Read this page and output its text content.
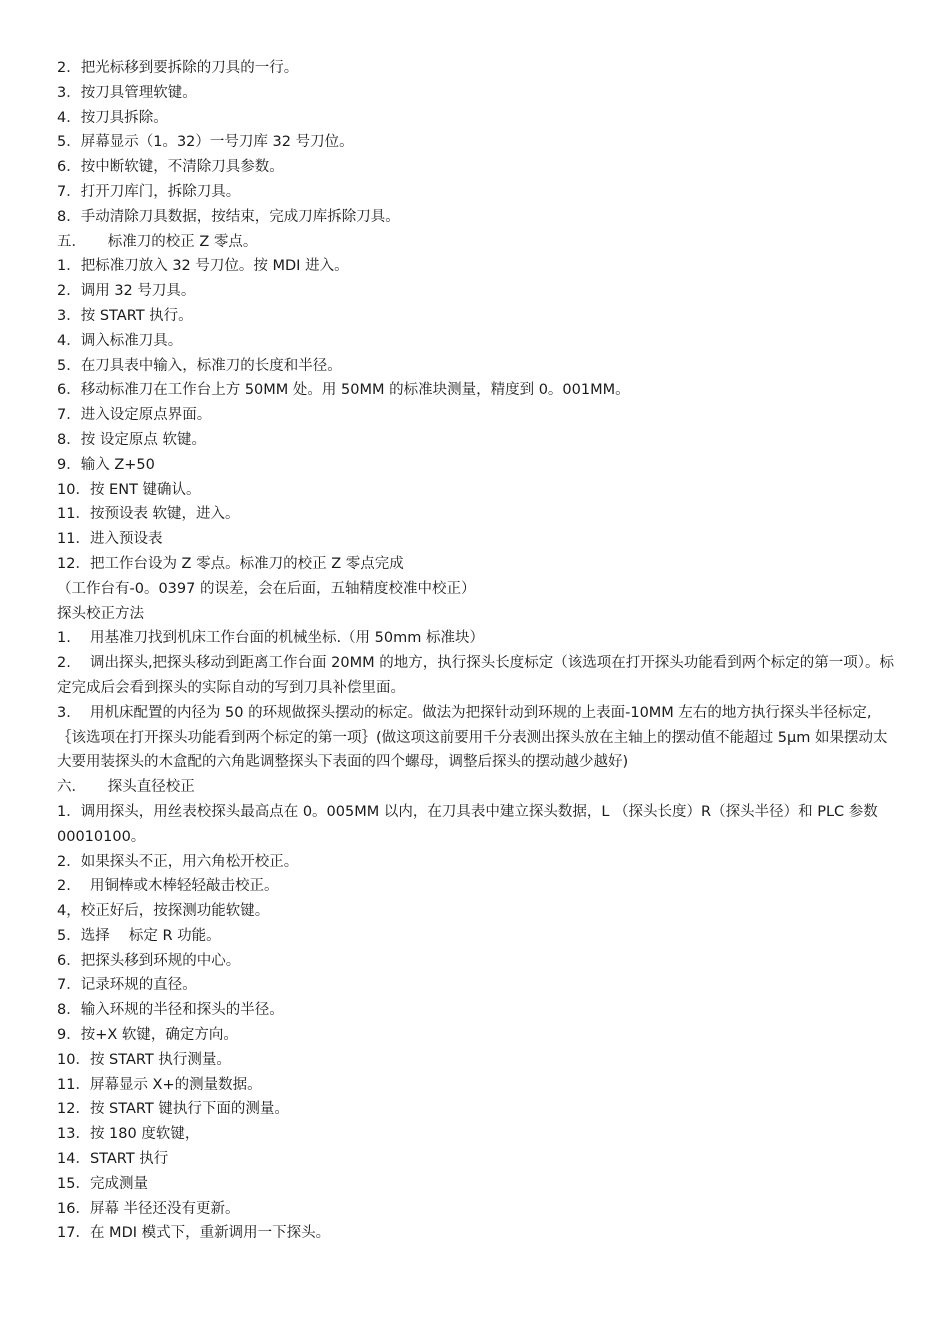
2．把光标移到要拆除的刀具的一行。
3．按刀具管理软键。
4．按刀具拆除。
5．屏幕显示（1。32）一号刀库 32 号刀位。
6．按中断软键，不清除刀具参数。
7．打开刀库门，拆除刀具。
8．手动清除刀具数据，按结束，完成刀库拆除刀具。
五．　　标准刀的校正 Z 零点。
1．把标准刀放入 32 号刀位。按 MDI 进入。
2．调用 32 号刀具。
3．按 START 执行。
4．调入标准刀具。
5．在刀具表中输入，标准刀的长度和半径。
6．移动标准刀在工作台上方 50MM 处。用 50MM 的标准块测量，精度到 0。001MM。
7．进入设定原点界面。
8．按 设定原点 软键。
9．输入 Z+50
10．按 ENT 键确认。
11．按预设表 软键，进入。
11．进入预设表
12．把工作台设为 Z 零点。标准刀的校正 Z 零点完成
（工作台有-0。0397 的误差，会在后面，五轴精度校准中校正）
探头校正方法
1.　 用基准刀找到机床工作台面的机械坐标.（用 50mm 标准块）
2.　 调出探头,把探头移动到距离工作台面 20MM 的地方，执行探头长度标定（该选项在打开探头功能看到两个标定的第一项）。标定完成后会看到探头的实际自动的写到刀具补偿里面。
3.　 用机床配置的内径为 50 的环规做探头摆动的标定。做法为把探针动到环规的上表面-10MM 左右的地方执行探头半径标定,｛该选项在打开探头功能看到两个标定的第一项｝(做这项这前要用千分表测出探头放在主轴上的摆动值不能超过 5μm 如果摆动太大要用装探头的木盒配的六角匙调整探头下表面的四个螺母，调整后探头的摆动越少越好)
六．　　探头直径校正
1．调用探头，用丝表校探头最高点在 0。005MM 以内，在刀具表中建立探头数据，L （探头长度）R（探头半径）和 PLC 参数 00010100。
2．如果探头不正，用六角松开校正。
2.　 用铜棒或木棒轻轻敲击校正。
4，校正好后，按探测功能软键。
5．选择　 标定 R 功能。
6．把探头移到环规的中心。
7．记录环规的直径。
8．输入环规的半径和探头的半径。
9．按+X 软键，确定方向。
10．按 START 执行测量。
11．屏幕显示 X+的测量数据。
12．按 START 键执行下面的测量。
13．按 180 度软键，
14．START 执行
15．完成测量
16．屏幕 半径还没有更新。
17．在 MDI 模式下，重新调用一下探头。
